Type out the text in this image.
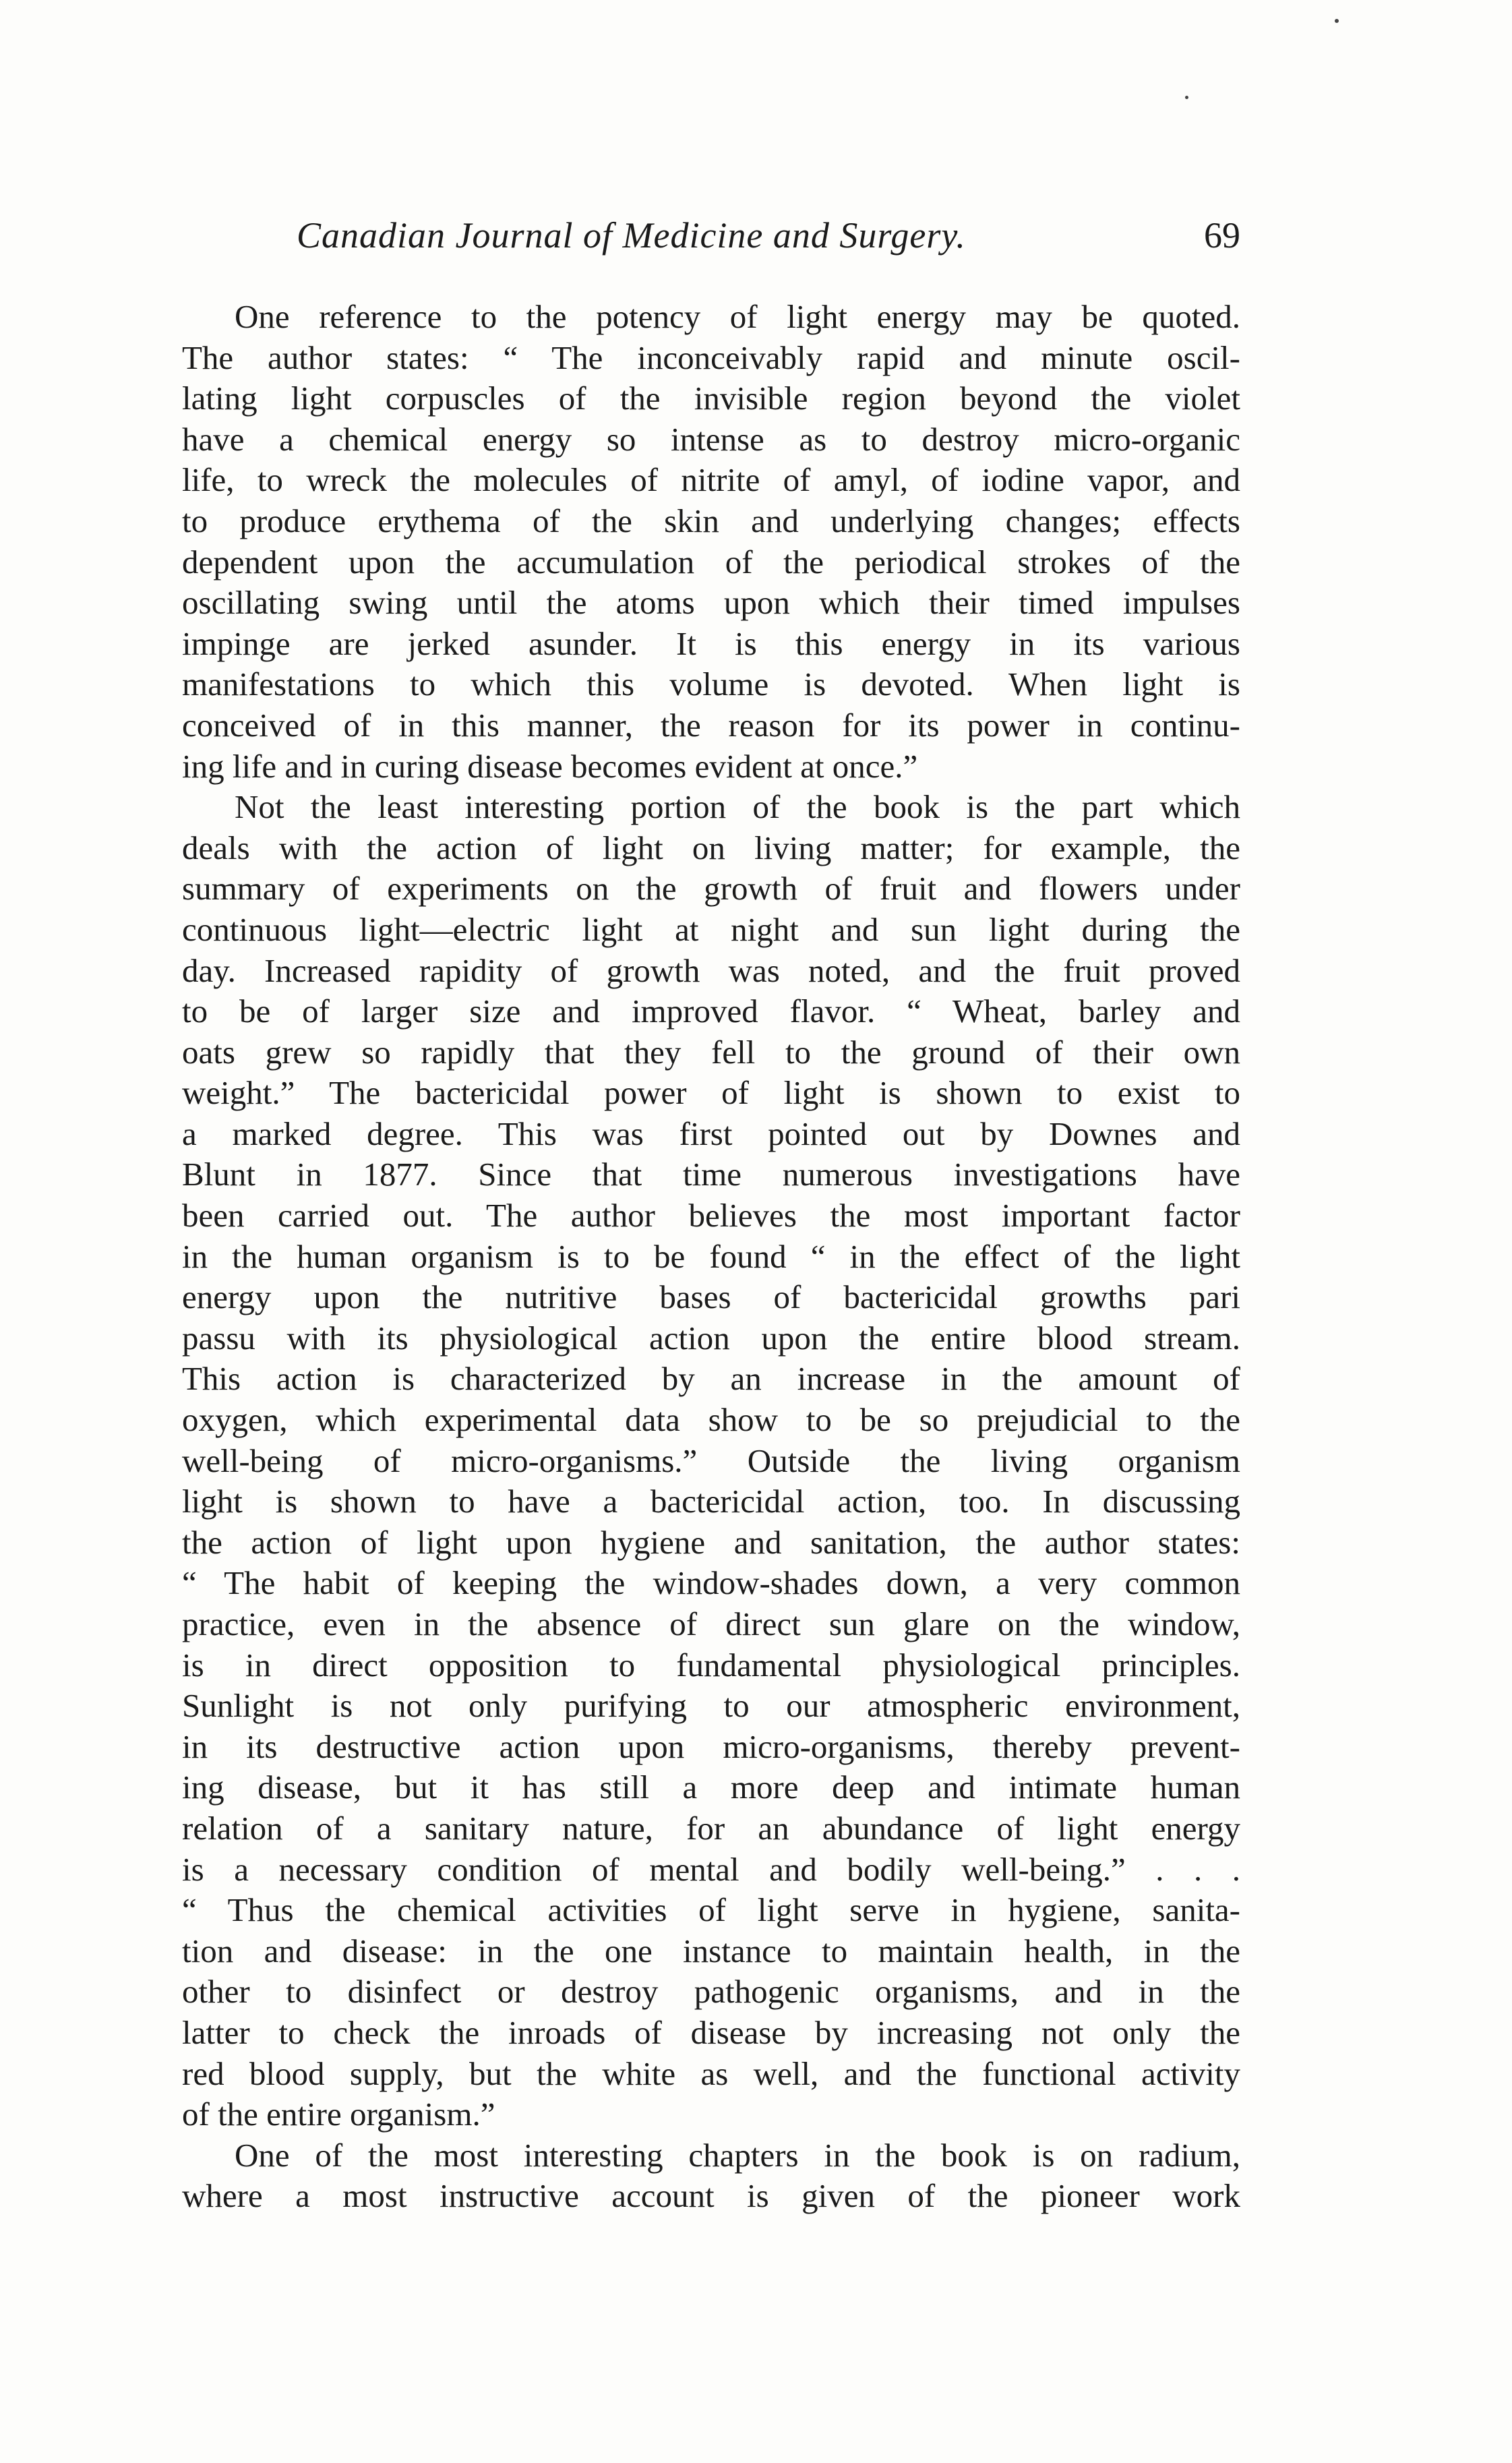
Canadian Journal of Medicine and Surgery.	69
One reference to the potency of light energy may be quoted.
The author states: “ The inconceivably rapid and minute oscil-
lating light corpuscles of the invisible region beyond the violet
have a chemical energy so intense as to destroy micro-organic
life, to wreck the molecules of nitrite of amyl, of iodine vapor, and
to produce erythema of the skin and underlying changes; effects
dependent upon the accumulation of the periodical strokes of the
oscillating swing until the atoms upon which their timed impulses
impinge are jerked asunder. It is this energy in its various
manifestations to which this volume is devoted. When light is
conceived of in this manner, the reason for its power in continu-
ing life and in curing disease becomes evident at once.”
Not the least interesting portion of the book is the part which
deals with the action of light on living matter; for example, the
summary of experiments on the growth of fruit and flowers under
continuous light—electric light at night and sun light during the
day. Increased rapidity of growth was noted, and the fruit proved
to be of larger size and improved flavor. “ Wheat, barley and
oats grew so rapidly that they fell to the ground of their own
weight.” The bactericidal power of light is shown to exist to
a marked degree. This was first pointed out by Downes and
Blunt in 1877. Since that time numerous investigations have
been carried out. The author believes the most important factor
in the human organism is to be found “ in the effect of the light
energy upon the nutritive bases of bactericidal growths pari
passu with its physiological action upon the entire blood stream.
This action is characterized by an increase in the amount of
oxygen, which experimental data show to be so prejudicial to the
well-being of micro-organisms.” Outside the living organism
light is shown to have a bactericidal action, too. In discussing
the action of light upon hygiene and sanitation, the author states:
“ The habit of keeping the window-shades down, a very common
practice, even in the absence of direct sun glare on the window,
is in direct opposition to fundamental physiological principles.
Sunlight is not only purifying to our atmospheric environment,
in its destructive action upon micro-organisms, thereby prevent-
ing disease, but it has still a more deep and intimate human
relation of a sanitary nature, for an abundance of light energy
is a necessary condition of mental and bodily well-being.” . . .
“ Thus the chemical activities of light serve in hygiene, sanita-
tion and disease: in the one instance to maintain health, in the
other to disinfect or destroy pathogenic organisms, and in the
latter to check the inroads of disease by increasing not only the
red blood supply, but the white as well, and the functional activity
of the entire organism.”
One of the most interesting chapters in the book is on radium,
where a most instructive account is given of the pioneer work
